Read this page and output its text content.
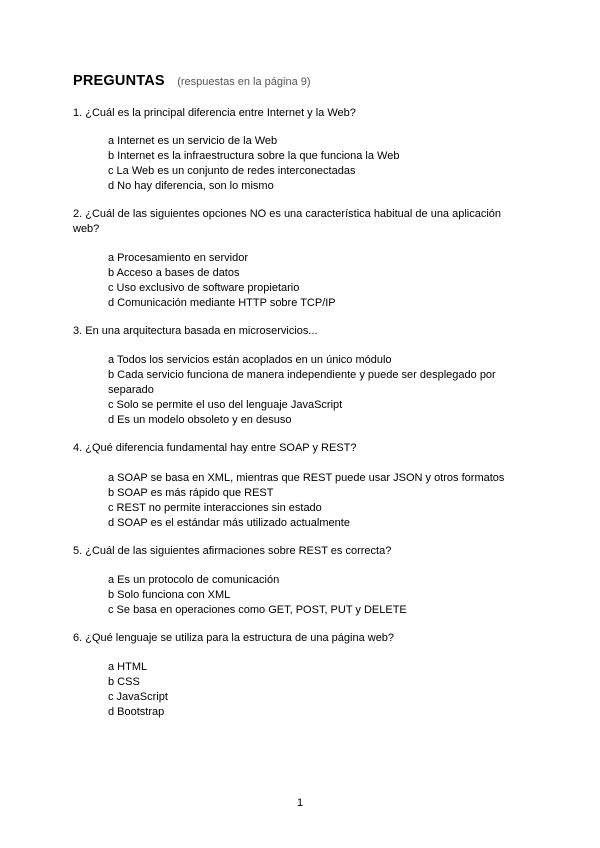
PREGUNTAS (respuestas en la página 9)
1. ¿Cuál es la principal diferencia entre Internet y la Web?
a Internet es un servicio de la Web
b Internet es la infraestructura sobre la que funciona la Web
c La Web es un conjunto de redes interconectadas
d No hay diferencia, son lo mismo
2. ¿Cuál de las siguientes opciones NO es una característica habitual de una aplicación web?
a Procesamiento en servidor
b Acceso a bases de datos
c Uso exclusivo de software propietario
d Comunicación mediante HTTP sobre TCP/IP
3. En una arquitectura basada en microservicios...
a Todos los servicios están acoplados en un único módulo
b Cada servicio funciona de manera independiente y puede ser desplegado por separado
c Solo se permite el uso del lenguaje JavaScript
d Es un modelo obsoleto y en desuso
4. ¿Qué diferencia fundamental hay entre SOAP y REST?
a SOAP se basa en XML, mientras que REST puede usar JSON y otros formatos
b SOAP es más rápido que REST
c REST no permite interacciones sin estado
d SOAP es el estándar más utilizado actualmente
5. ¿Cuál de las siguientes afirmaciones sobre REST es correcta?
a Es un protocolo de comunicación
b Solo funciona con XML
c Se basa en operaciones como GET, POST, PUT y DELETE
6. ¿Qué lenguaje se utiliza para la estructura de una página web?
a HTML
b CSS
c JavaScript
d Bootstrap
1
